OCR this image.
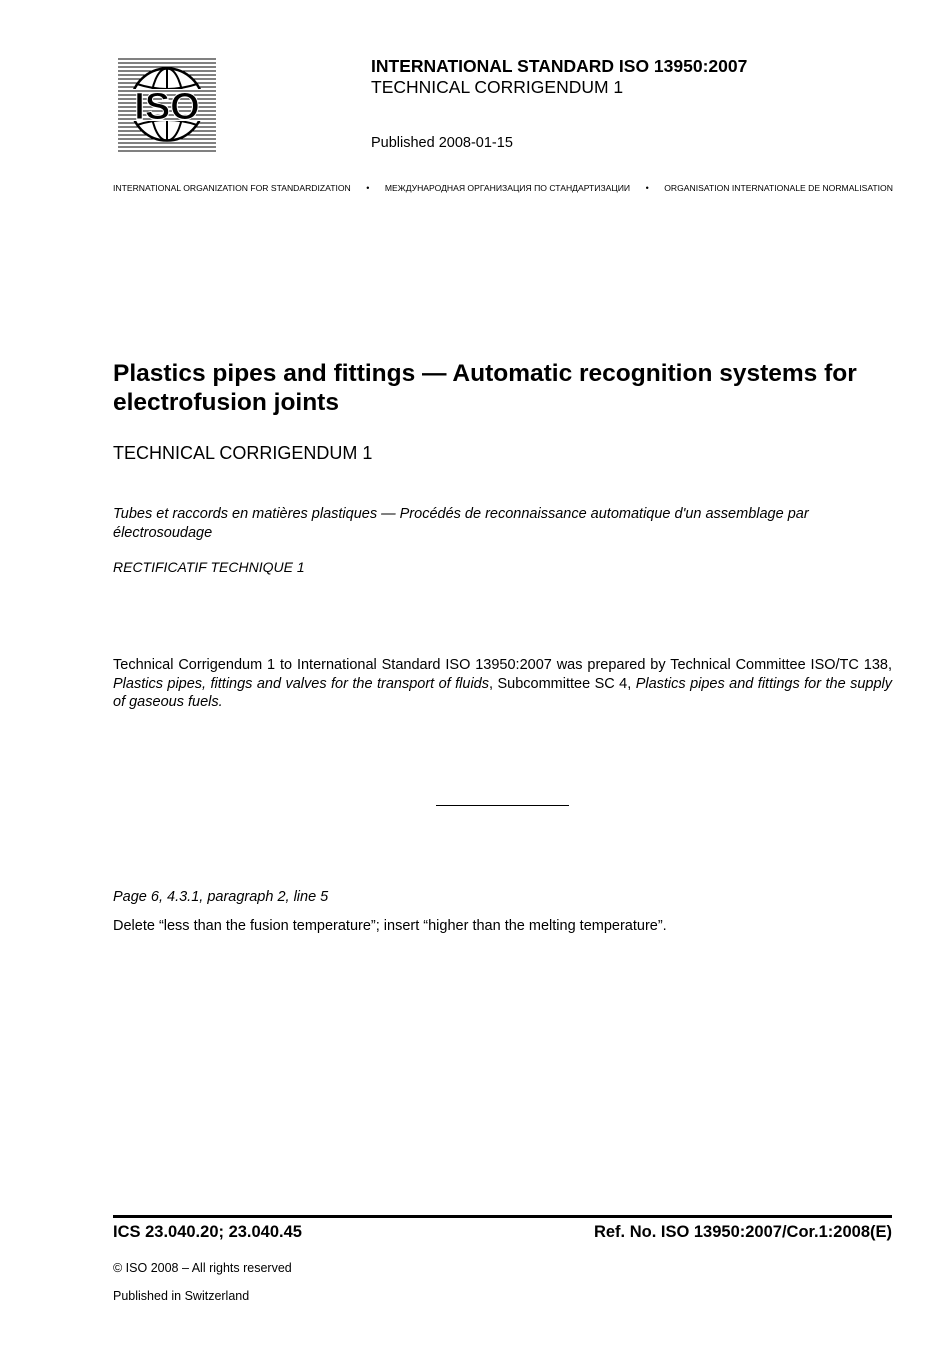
ISO
INTERNATIONAL STANDARD ISO 13950:2007
TECHNICAL CORRIGENDUM 1
Published 2008-01-15
INTERNATIONAL ORGANIZATION FOR STANDARDIZATION • МЕЖДУНАРОДНАЯ ОРГАНИЗАЦИЯ ПО СТАНДАРТИЗАЦИИ • ORGANISATION INTERNATIONALE DE NORMALISATION
Plastics pipes and fittings — Automatic recognition systems for electrofusion joints
TECHNICAL CORRIGENDUM 1
Tubes et raccords en matières plastiques — Procédés de reconnaissance automatique d'un assemblage par électrosoudage
RECTIFICATIF TECHNIQUE 1
Technical Corrigendum 1 to International Standard ISO 13950:2007 was prepared by Technical Committee ISO/TC 138, Plastics pipes, fittings and valves for the transport of fluids, Subcommittee SC 4, Plastics pipes and fittings for the supply of gaseous fuels.
Page 6, 4.3.1, paragraph 2, line 5
Delete “less than the fusion temperature”; insert “higher than the melting temperature”.
ICS 23.040.20; 23.040.45	Ref. No. ISO 13950:2007/Cor.1:2008(E)
© ISO 2008 – All rights reserved
Published in Switzerland
